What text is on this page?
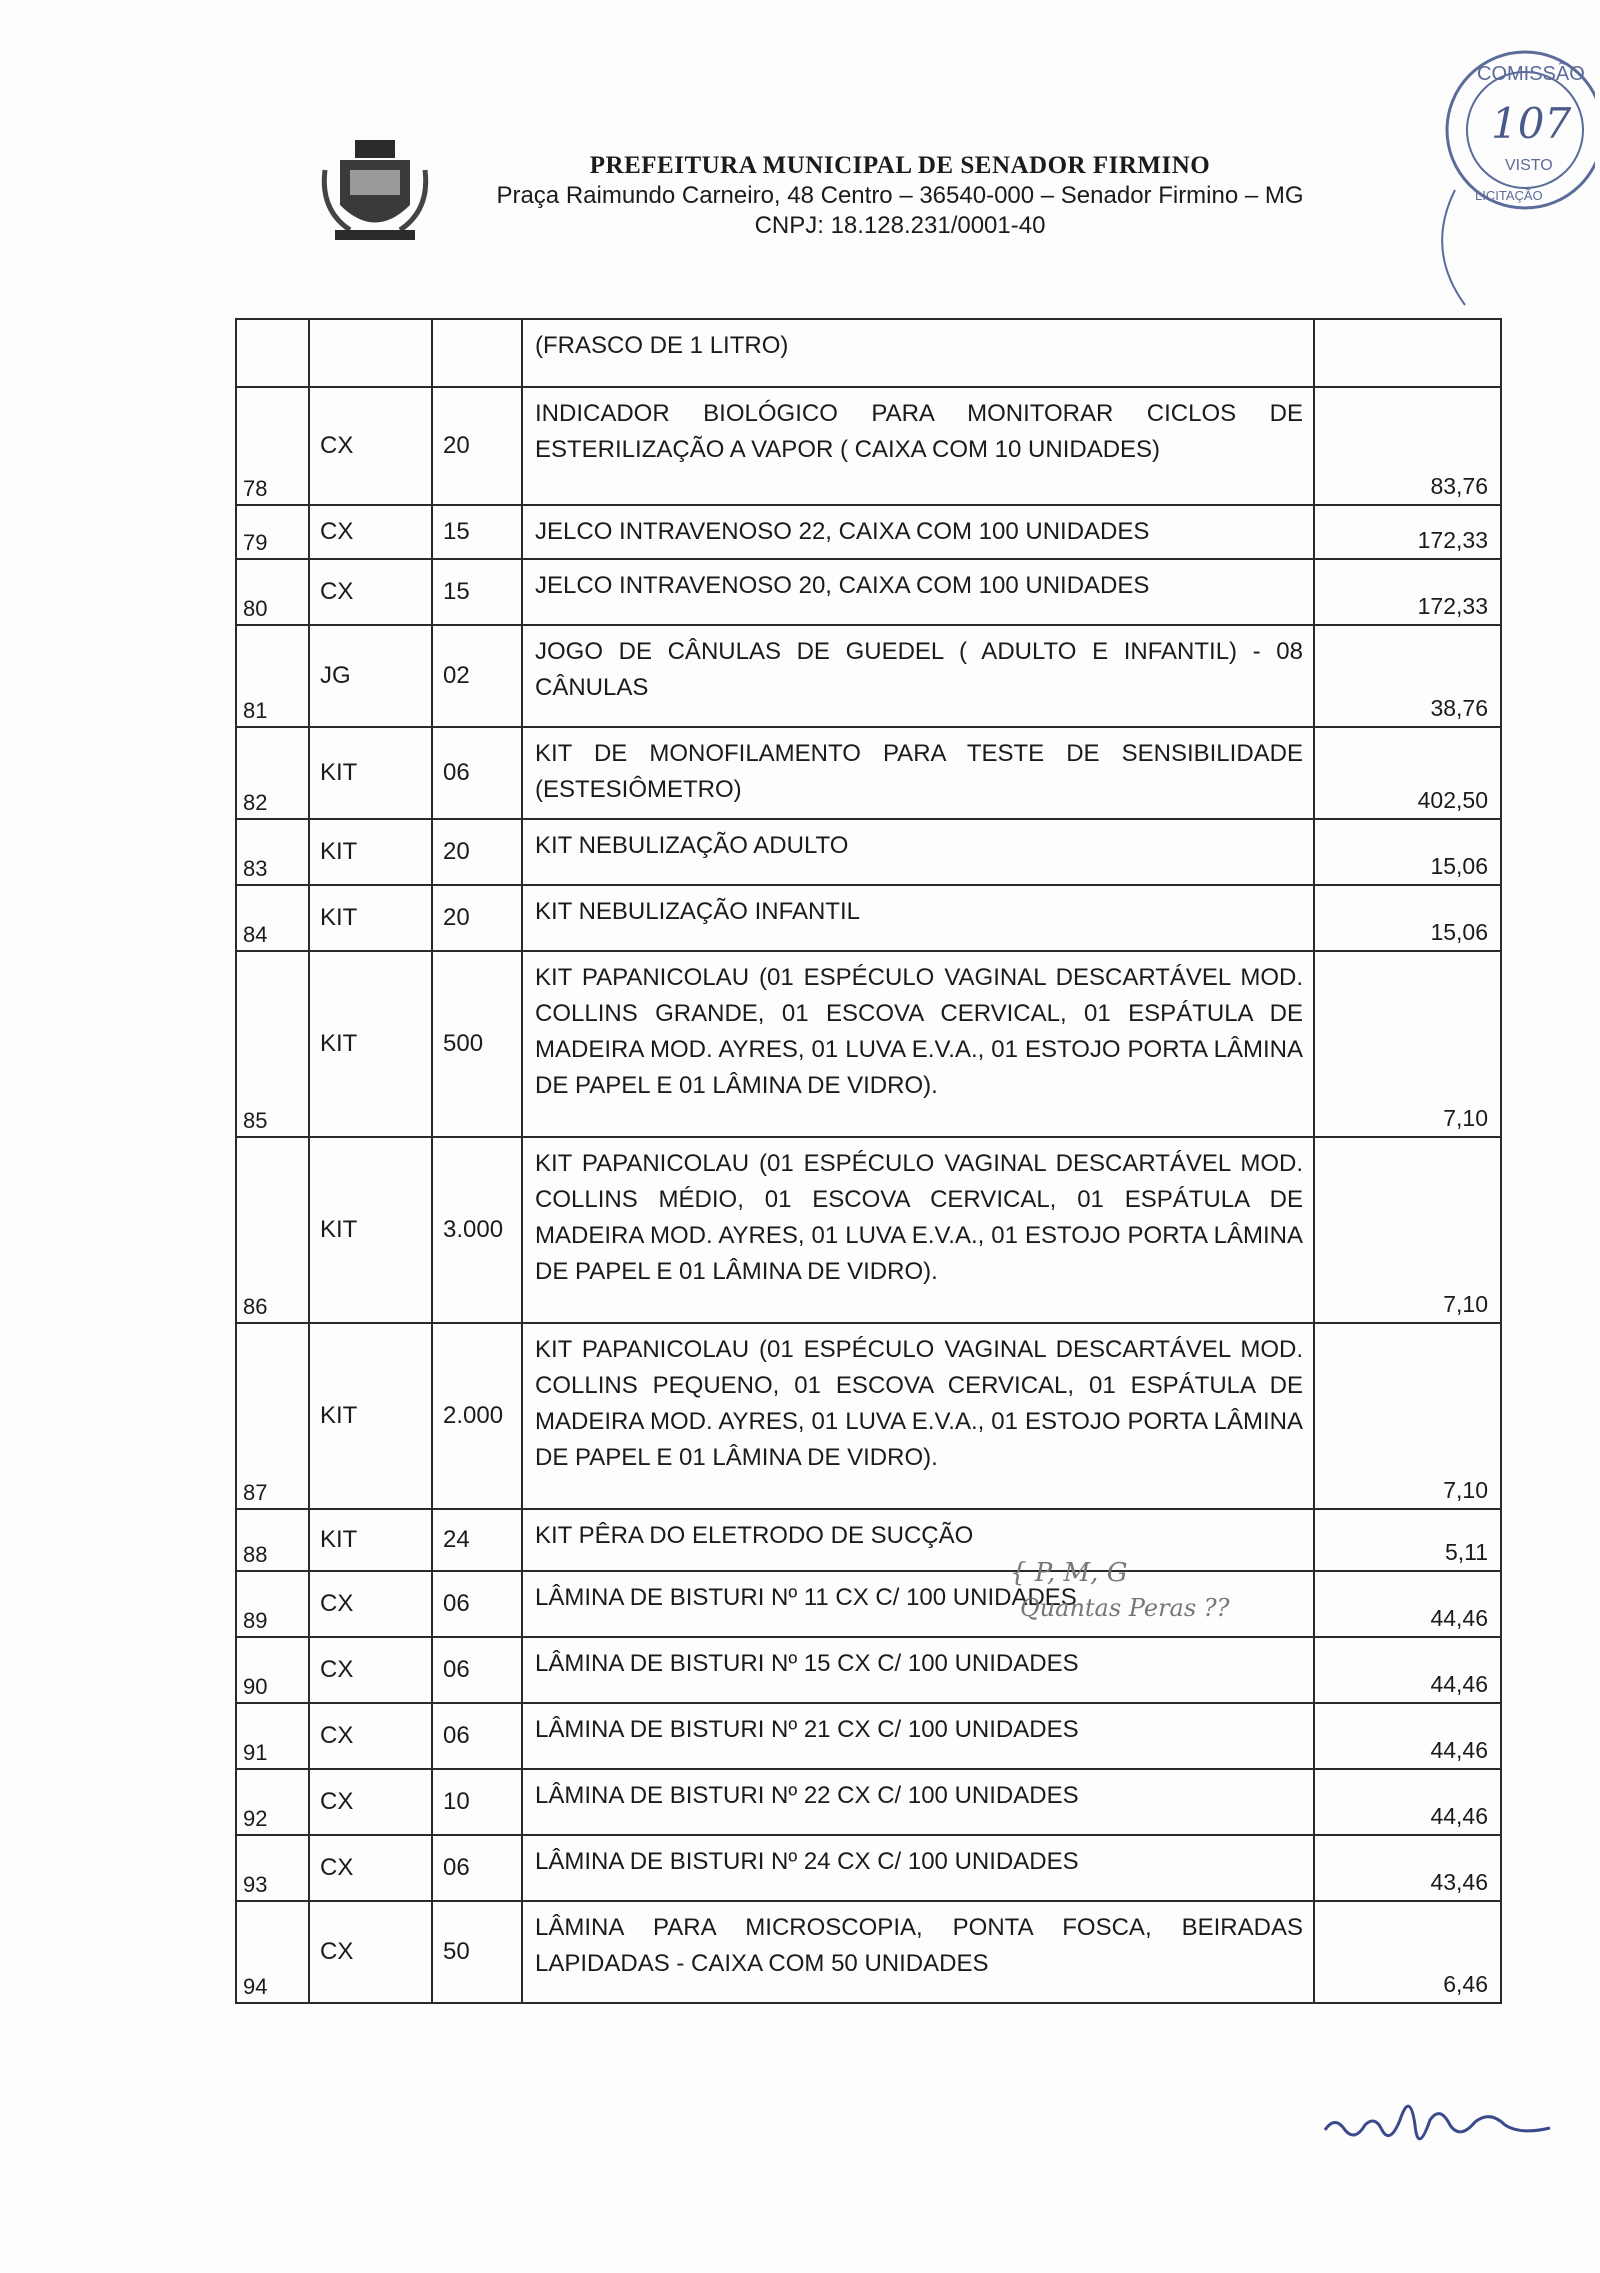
PREFEITURA MUNICIPAL DE SENADOR FIRMINO
Praça Raimundo Carneiro, 48 Centro – 36540-000 – Senador Firmino – MG
CNPJ: 18.128.231/0001-40
COMISSÃO
107
VISTO
LICITAÇÃO
			(FRASCO DE 1 LITRO)	

78	CX	20	INDICADOR BIOLÓGICO PARA MONITORAR CICLOS DE ESTERILIZAÇÃO A VAPOR ( CAIXA COM 10 UNIDADES)	83,76

79	CX	15	JELCO INTRAVENOSO 22, CAIXA COM 100 UNIDADES	172,33

80	CX	15	JELCO INTRAVENOSO 20, CAIXA COM 100 UNIDADES	172,33

81	JG	02	JOGO DE CÂNULAS DE GUEDEL ( ADULTO E INFANTIL) - 08 CÂNULAS	38,76

82	KIT	06	KIT DE MONOFILAMENTO PARA TESTE DE SENSIBILIDADE (ESTESIÔMETRO)	402,50

83	KIT	20	KIT NEBULIZAÇÃO ADULTO	15,06

84	KIT	20	KIT NEBULIZAÇÃO INFANTIL	15,06

85	KIT	500	KIT PAPANICOLAU (01 ESPÉCULO VAGINAL DESCARTÁVEL MOD. COLLINS GRANDE, 01 ESCOVA CERVICAL, 01 ESPÁTULA DE MADEIRA MOD. AYRES, 01 LUVA E.V.A., 01 ESTOJO PORTA LÂMINA DE PAPEL E 01 LÂMINA DE VIDRO).	7,10

86	KIT	3.000	KIT PAPANICOLAU (01 ESPÉCULO VAGINAL DESCARTÁVEL MOD. COLLINS MÉDIO, 01 ESCOVA CERVICAL, 01 ESPÁTULA DE MADEIRA MOD. AYRES, 01 LUVA E.V.A., 01 ESTOJO PORTA LÂMINA DE PAPEL E 01 LÂMINA DE VIDRO).	7,10

87	KIT	2.000	KIT PAPANICOLAU (01 ESPÉCULO VAGINAL DESCARTÁVEL MOD. COLLINS PEQUENO, 01 ESCOVA CERVICAL, 01 ESPÁTULA DE MADEIRA MOD. AYRES, 01 LUVA E.V.A., 01 ESTOJO PORTA LÂMINA DE PAPEL E 01 LÂMINA DE VIDRO).	7,10

88	KIT	24	KIT PÊRA DO ELETRODO DE SUCÇÃO	5,11

89	CX	06	LÂMINA DE BISTURI Nº 11 CX C/ 100 UNIDADES	44,46

90	CX	06	LÂMINA DE BISTURI Nº 15 CX C/ 100 UNIDADES	44,46

91	CX	06	LÂMINA DE BISTURI Nº 21 CX C/ 100 UNIDADES	44,46

92	CX	10	LÂMINA DE BISTURI Nº 22 CX C/ 100 UNIDADES	44,46

93	CX	06	LÂMINA DE BISTURI Nº 24 CX C/ 100 UNIDADES	43,46

94	CX	50	LÂMINA PARA MICROSCOPIA, PONTA FOSCA, BEIRADAS LAPIDADAS - CAIXA COM 50 UNIDADES	6,46
{ P, M, G
Quantas Peras ??
